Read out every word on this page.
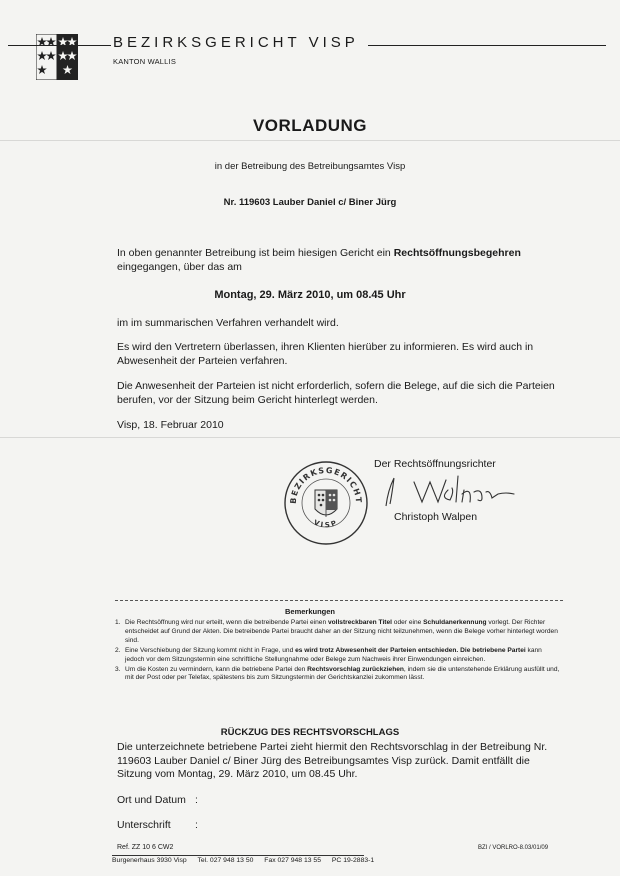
BEZIRKSGERICHT VISP
KANTON WALLIS
VORLADUNG
in der Betreibung des Betreibungsamtes Visp
Nr. 119603 Lauber Daniel c/ Biner Jürg
In oben genannter Betreibung ist beim hiesigen Gericht ein Rechtsöffnungsbegehren eingegangen, über das am
Montag, 29. März 2010, um 08.45 Uhr
im im summarischen Verfahren verhandelt wird.
Es wird den Vertretern überlassen, ihren Klienten hierüber zu informieren. Es wird auch in Abwesenheit der Parteien verfahren.
Die Anwesenheit der Parteien ist nicht erforderlich, sofern die Belege, auf die sich die Parteien berufen, vor der Sitzung beim Gericht hinterlegt werden.
Visp, 18. Februar 2010
BEZIRKSGERICHT
VISP
Der Rechtsöffnungsrichter
Christoph Walpen
Bemerkungen
1. Die Rechtsöffnung wird nur erteilt, wenn die betreibende Partei einen vollstreckbaren Titel oder eine Schuldanerkennung vorlegt. Der Richter entscheidet auf Grund der Akten. Die betreibende Partei braucht daher an der Sitzung nicht teilzunehmen, wenn die Belege vorher hinterlegt worden sind.
2. Eine Verschiebung der Sitzung kommt nicht in Frage, und es wird trotz Abwesenheit der Parteien entschieden. Die betriebene Partei kann jedoch vor dem Sitzungstermin eine schriftliche Stellungnahme oder Belege zum Nachweis ihrer Einwendungen einreichen.
3. Um die Kosten zu vermindern, kann die betriebene Partei den Rechtsvorschlag zurückziehen, indem sie die untenstehende Erklärung ausfüllt und, mit der Post oder per Telefax, spätestens bis zum Sitzungstermin der Gerichtskanzlei zukommen lässt.
RÜCKZUG DES RECHTSVORSCHLAGS
Die unterzeichnete betriebene Partei zieht hiermit den Rechtsvorschlag in der Betreibung Nr. 119603 Lauber Daniel c/ Biner Jürg des Betreibungsamtes Visp zurück. Damit entfällt die Sitzung vom Montag, 29. März 2010, um 08.45 Uhr.
Ort und Datum :
Unterschrift :
Ref. ZZ 10 6 CW2	BZI / VORLRO-8.03/01/09
Burgenerhaus 3930 Visp Tel. 027 948 13 50 Fax 027 948 13 55 PC 19-2883-1
